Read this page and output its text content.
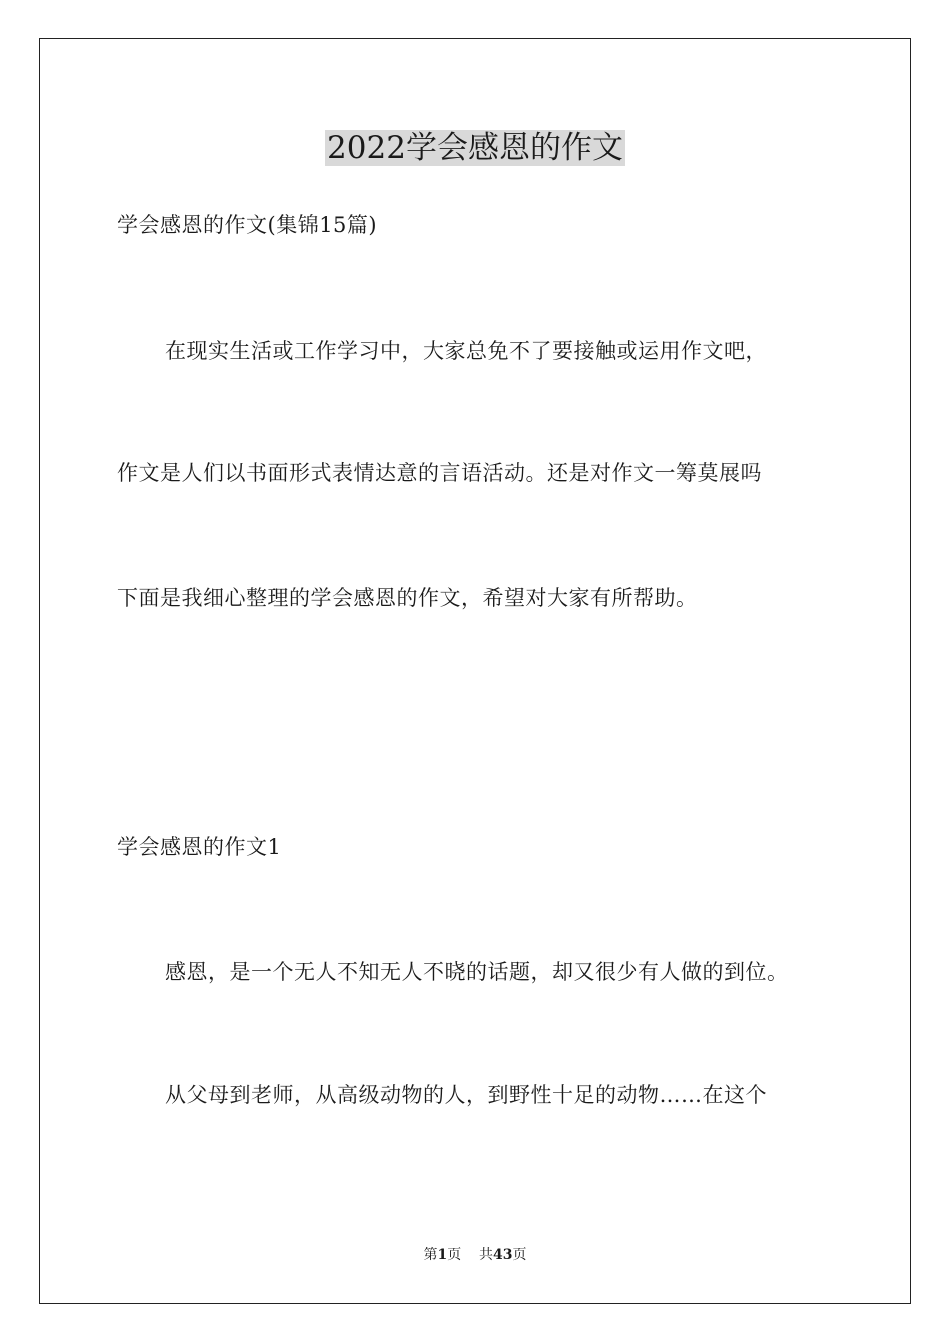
2022学会感恩的作文
学会感恩的作文(集锦15篇)
在现实生活或工作学习中，大家总免不了要接触或运用作文吧，
作文是人们以书面形式表情达意的言语活动。还是对作文一筹莫展吗
下面是我细心整理的学会感恩的作文，希望对大家有所帮助。
学会感恩的作文1
感恩，是一个无人不知无人不晓的话题，却又很少有人做的到位。
从父母到老师，从高级动物的人，到野性十足的动物……在这个
第1页    共43页
